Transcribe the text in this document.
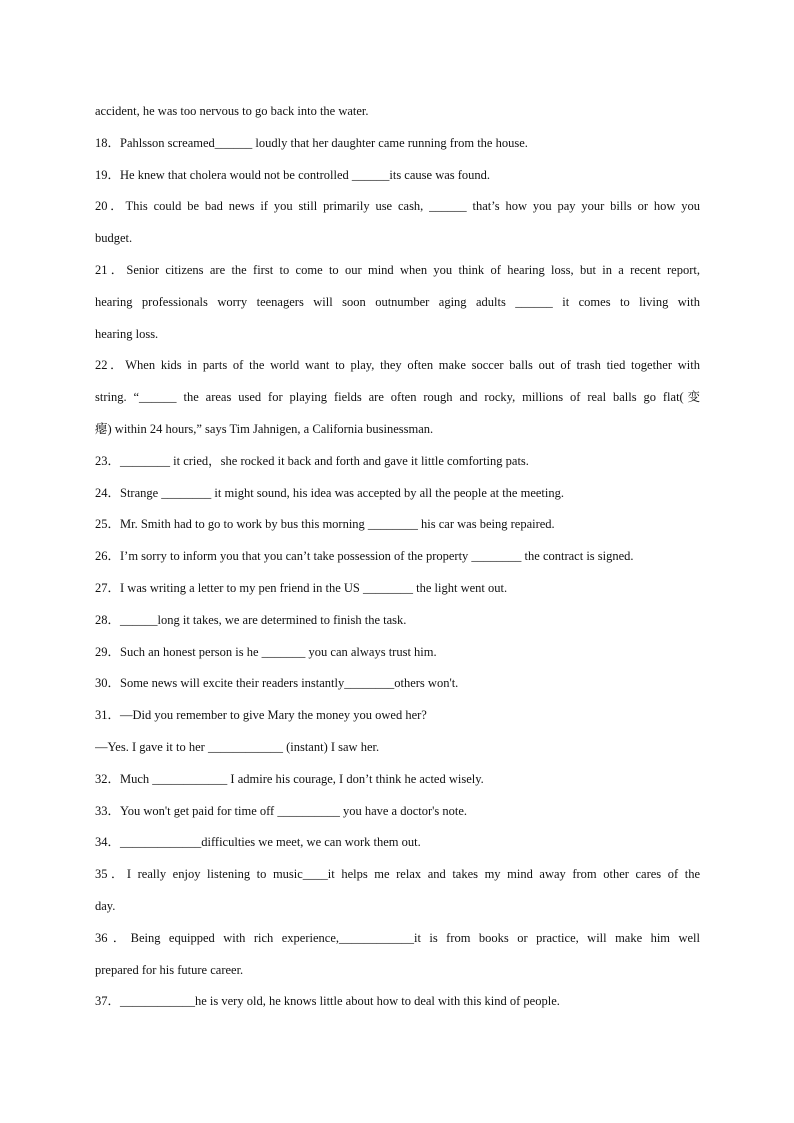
accident, he was too nervous to go back into the water.
18．Pahlsson screamed______ loudly that her daughter came running from the house.
19．He knew that cholera would not be controlled ______its cause was found.
20．This could be bad news if you still primarily use cash, ______ that’s how you pay your bills or how you
budget.
21．Senior citizens are the first to come to our mind when you think of hearing loss, but in a recent report,
hearing professionals worry teenagers will soon outnumber aging adults ______ it comes to living with
hearing loss.
22．When kids in parts of the world want to play, they often make soccer balls out of trash tied together with
string. “______ the areas used for playing fields are often rough and rocky, millions of real balls go flat(变
瘪) within 24 hours,” says Tim Jahnigen, a California businessman.
23．________ it cried，she rocked it back and forth and gave it little comforting pats.
24．Strange ________ it might sound, his idea was accepted by all the people at the meeting.
25．Mr. Smith had to go to work by bus this morning ________ his car was being repaired.
26．I’m sorry to inform you that you can’t take possession of the property ________ the contract is signed.
27．I was writing a letter to my pen friend in the US ________ the light went out.
28．______long it takes, we are determined to finish the task.
29．Such an honest person is he _______ you can always trust him.
30．Some news will excite their readers instantly________others won't.
31．—Did you remember to give Mary the money you owed her?
—Yes. I gave it to her ____________ (instant) I saw her.
32．Much ____________ I admire his courage, I don’t think he acted wisely.
33．You won't get paid for time off __________ you have a doctor's note.
34．_____________difficulties we meet, we can work them out.
35．I really enjoy listening to music____it helps me relax and takes my mind away from other cares of the
day.
36．Being equipped with rich experience,____________it is from books or practice, will make him well
prepared for his future career.
37．____________he is very old, he knows little about how to deal with this kind of people.
